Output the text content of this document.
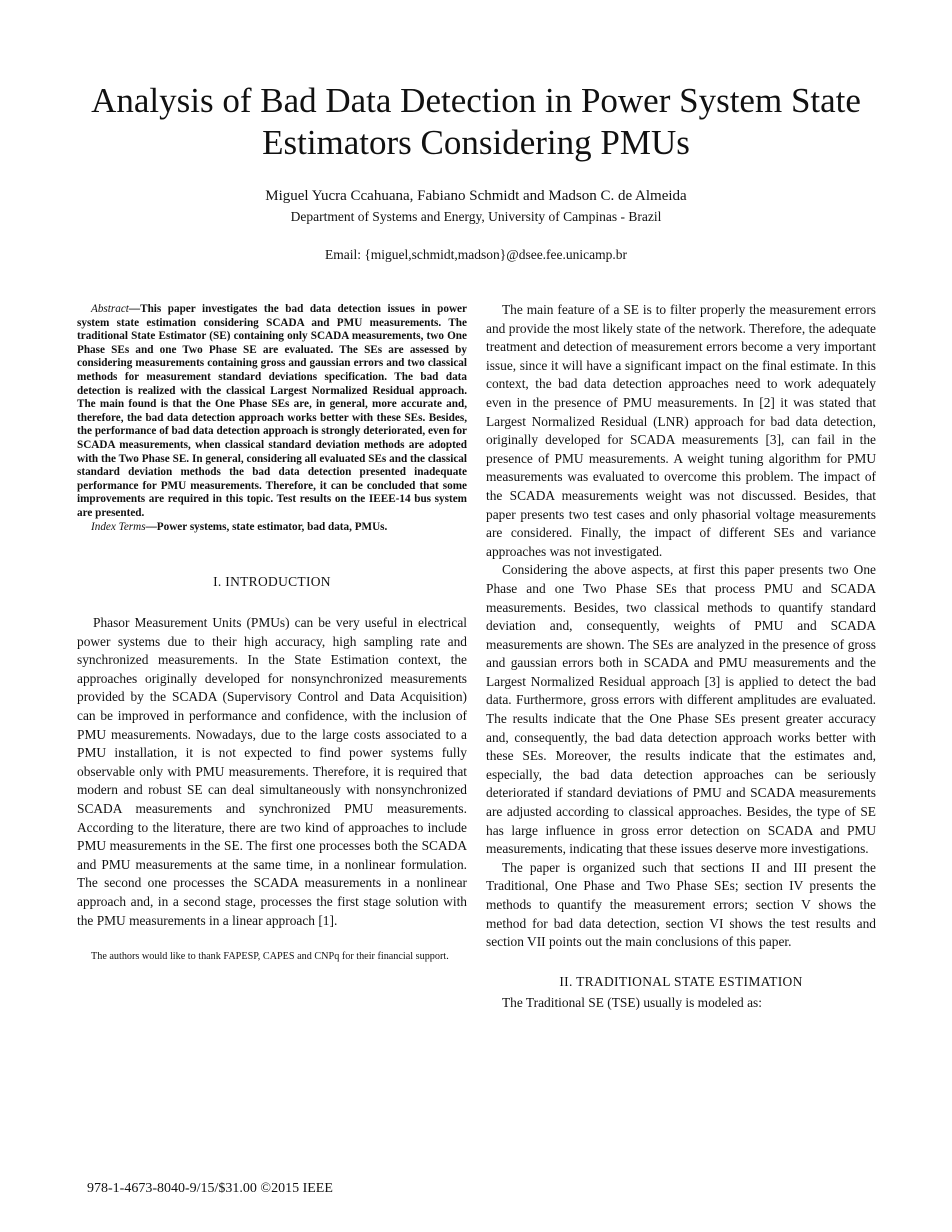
Analysis of Bad Data Detection in Power System State Estimators Considering PMUs
Miguel Yucra Ccahuana, Fabiano Schmidt and Madson C. de Almeida
Department of Systems and Energy, University of Campinas - Brazil
Email: {miguel,schmidt,madson}@dsee.fee.unicamp.br

Abstract—This paper investigates the bad data detection issues in power system state estimation considering SCADA and PMU measurements. The traditional State Estimator (SE) containing only SCADA measurements, two One Phase SEs and one Two Phase SE are evaluated. The SEs are assessed by considering measurements containing gross and gaussian errors and two classical methods for measurement standard deviations specification. The bad data detection is realized with the classical Largest Normalized Residual approach. The main found is that the One Phase SEs are, in general, more accurate and, therefore, the bad data detection approach works better with these SEs. Besides, the performance of bad data detection approach is strongly deteriorated, even for SCADA measurements, when classical standard deviation methods are adopted with the Two Phase SE. In general, considering all evaluated SEs and the classical standard deviation methods the bad data detection presented inadequate performance for PMU measurements. Therefore, it can be concluded that some improvements are required in this topic. Test results on the IEEE-14 bus system are presented.

Index Terms—Power systems, state estimator, bad data, PMUs.

I. INTRODUCTION

Phasor Measurement Units (PMUs) can be very useful in electrical power systems due to their high accuracy, high sampling rate and synchronized measurements. In the State Estimation context, the approaches originally developed for nonsynchronized measurements provided by the SCADA (Supervisory Control and Data Acquisition) can be improved in performance and confidence, with the inclusion of PMU measurements. Nowadays, due to the large costs associated to a PMU installation, it is not expected to find power systems fully observable only with PMU measurements. Therefore, it is required that modern and robust SE can deal simultaneously with nonsynchronized SCADA measurements and synchronized PMU measurements. According to the literature, there are two kind of approaches to include PMU measurements in the SE. The first one processes both the SCADA and PMU measurements at the same time, in a nonlinear formulation. The second one processes the SCADA measurements in a nonlinear approach and, in a second stage, processes the first stage solution with the PMU measurements in a linear approach [1].

The authors would like to thank FAPESP, CAPES and CNPq for their financial support.

The main feature of a SE is to filter properly the measurement errors and provide the most likely state of the network. Therefore, the adequate treatment and detection of measurement errors become a very important issue, since it will have a significant impact on the final estimate. In this context, the bad data detection approaches need to work adequately even in the presence of PMU measurements. In [2] it was stated that Largest Normalized Residual (LNR) approach for bad data detection, originally developed for SCADA measurements [3], can fail in the presence of PMU measurements. A weight tuning algorithm for PMU measurements was evaluated to overcome this problem. The impact of the SCADA measurements weight was not discussed. Besides, that paper presents two test cases and only phasorial voltage measurements are considered. Finally, the impact of different SEs and variance approaches was not investigated.

Considering the above aspects, at first this paper presents two One Phase and one Two Phase SEs that process PMU and SCADA measurements. Besides, two classical methods to quantify standard deviation and, consequently, weights of PMU and SCADA measurements are shown. The SEs are analyzed in the presence of gross and gaussian errors both in SCADA and PMU measurements and the Largest Normalized Residual approach [3] is applied to detect the bad data. Furthermore, gross errors with different amplitudes are evaluated. The results indicate that the One Phase SEs present greater accuracy and, consequently, the bad data detection approach works better with these SEs. Moreover, the results indicate that the estimates and, especially, the bad data detection approaches can be seriously deteriorated if standard deviations of PMU and SCADA measurements are adjusted according to classical approaches. Besides, the type of SE has large influence in gross error detection on SCADA and PMU measurements, indicating that these issues deserve more investigations.

The paper is organized such that sections II and III present the Traditional, One Phase and Two Phase SEs; section IV presents the methods to quantify the measurement errors; section V shows the method for bad data detection, section VI shows the test results and section VII points out the main conclusions of this paper.

II. TRADITIONAL STATE ESTIMATION

The Traditional SE (TSE) usually is modeled as:

978-1-4673-8040-9/15/$31.00 ©2015 IEEE
